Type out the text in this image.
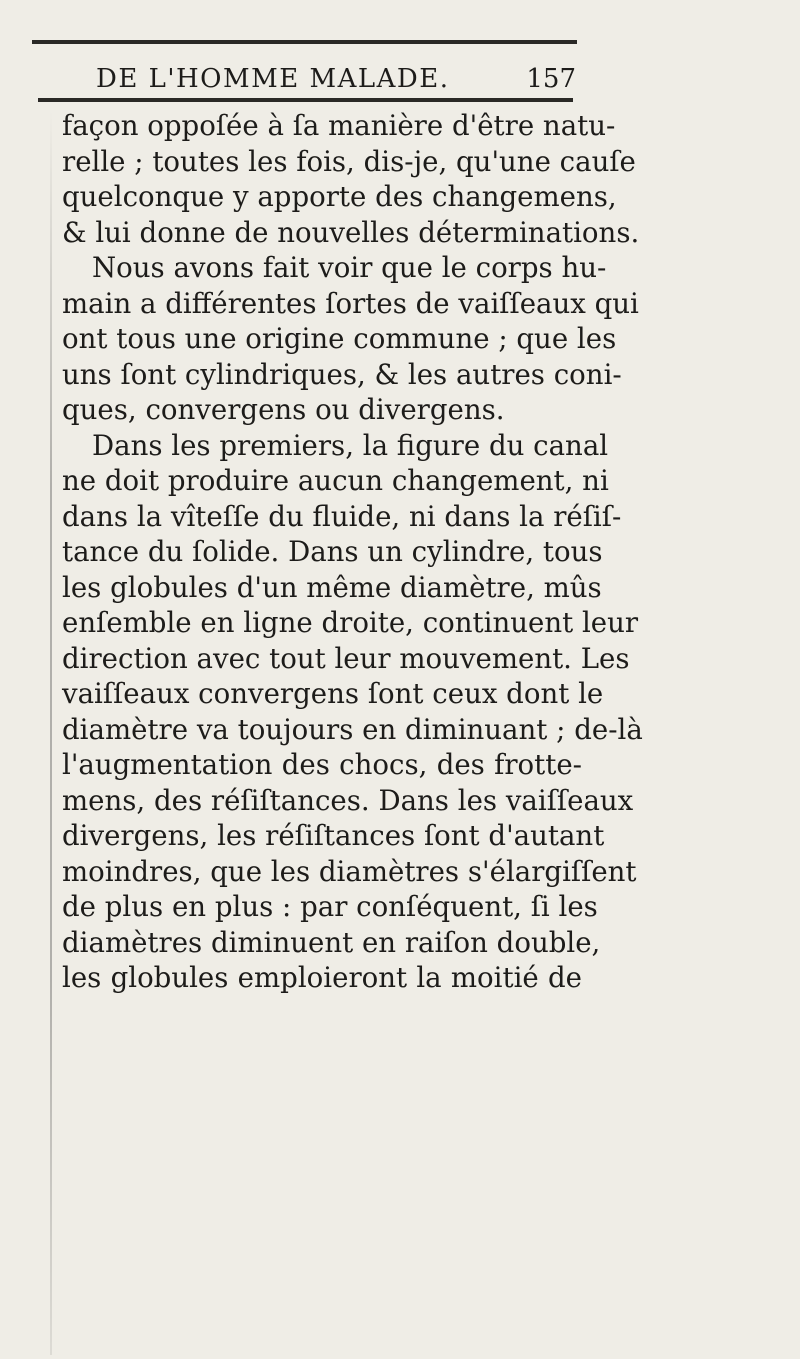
DE L'HOMME MALADE.	157
façon oppoſée à ſa manière d'être natu-
relle ; toutes les fois, dis-je, qu'une cauſe
quelconque y apporte des changemens,
& lui donne de nouvelles déterminations.
Nous avons fait voir que le corps hu-
main a différentes ſortes de vaiſſeaux qui
ont tous une origine commune ; que les
uns ſont cylindriques, & les autres coni-
ques, convergens ou divergens.
Dans les premiers, la figure du canal
ne doit produire aucun changement, ni
dans la vîteſſe du fluide, ni dans la réſiſ-
tance du ſolide. Dans un cylindre, tous
les globules d'un même diamètre, mûs
enſemble en ligne droite, continuent leur
direction avec tout leur mouvement. Les
vaiſſeaux convergens ſont ceux dont le
diamètre va toujours en diminuant ; de-là
l'augmentation des chocs, des frotte-
mens, des réſiſtances. Dans les vaiſſeaux
divergens, les réſiſtances ſont d'autant
moindres, que les diamètres s'élargiſſent
de plus en plus : par conſéquent, ſi les
diamètres diminuent en raiſon double,
les globules emploieront la moitié de
